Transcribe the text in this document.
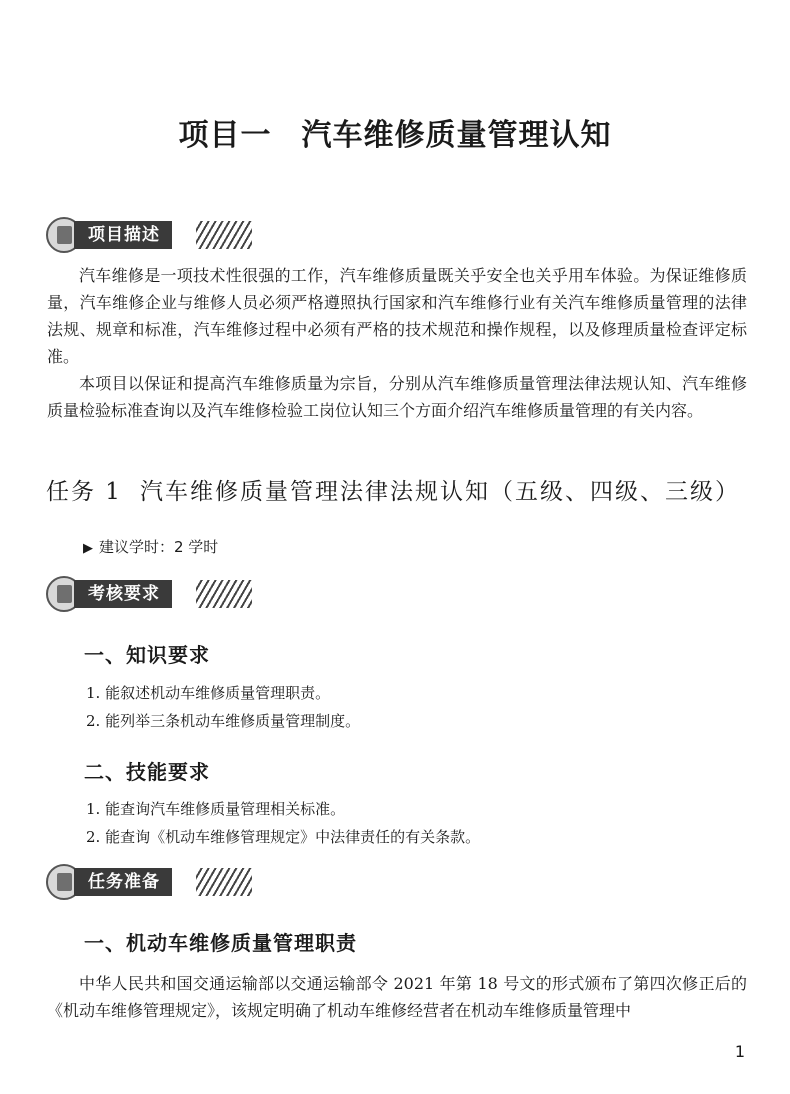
项目一 汽车维修质量管理认知
项目描述

汽车维修是一项技术性很强的工作，汽车维修质量既关乎安全也关乎用车体验。为保证维修质量，汽车维修企业与维修人员必须严格遵照执行国家和汽车维修行业有关汽车维修质量管理的法律法规、规章和标准，汽车维修过程中必须有严格的技术规范和操作规程，以及修理质量检查评定标准。

本项目以保证和提高汽车维修质量为宗旨，分别从汽车维修质量管理法律法规认知、汽车维修质量检验标准查询以及汽车维修检验工岗位认知三个方面介绍汽车维修质量管理的有关内容。

任务 1 汽车维修质量管理法律法规认知（五级、四级、三级）

▶ 建议学时：2 学时

考核要求
一、知识要求

1. 能叙述机动车维修质量管理职责。

2. 能列举三条机动车维修质量管理制度。

二、技能要求

1. 能查询汽车维修质量管理相关标准。

2. 能查询《机动车维修管理规定》中法律责任的有关条款。

任务准备
一、机动车维修质量管理职责

中华人民共和国交通运输部以交通运输部令 2021 年第 18 号文的形式颁布了第四次修正后的《机动车维修管理规定》，该规定明确了机动车维修经营者在机动车维修质量管理中

1
